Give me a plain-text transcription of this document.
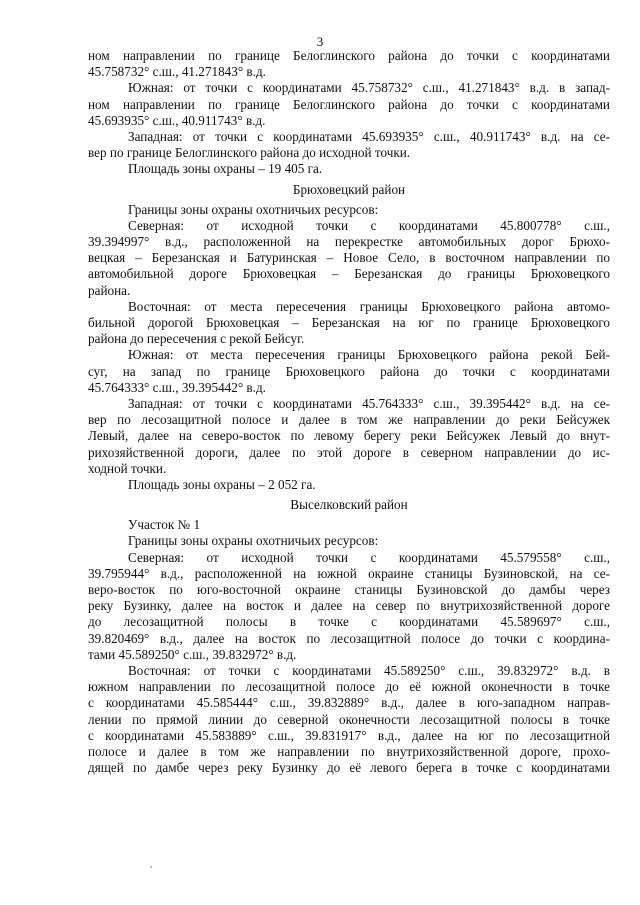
3
ном направлении по границе Белоглинского района до точки с координатами
45.758732° с.ш., 41.271843° в.д.
Южная: от точки с координатами 45.758732° с.ш., 41.271843° в.д. в запад-
ном направлении по границе Белоглинского района до точки с координатами
45.693935° с.ш., 40.911743° в.д.
Западная: от точки с координатами 45.693935° с.ш., 40.911743° в.д. на се-
вер по границе Белоглинского района до исходной точки.
Площадь зоны охраны – 19 405 га.
Брюховецкий район
Границы зоны охраны охотничьих ресурсов:
Северная: от исходной точки с координатами 45.800778° с.ш.,
39.394997° в.д., расположенной на перекрестке автомобильных дорог Брюхо-
вецкая – Березанская и Батуринская – Новое Село, в восточном направлении по
автомобильной дороге Брюховецкая – Березанская до границы Брюховецкого
района.
Восточная: от места пересечения границы Брюховецкого района автомо-
бильной дорогой Брюховецкая – Березанская на юг по границе Брюховецкого
района до пересечения с рекой Бейсуг.
Южная: от места пересечения границы Брюховецкого района рекой Бей-
суг, на запад по границе Брюховецкого района до точки с координатами
45.764333° с.ш., 39.395442° в.д.
Западная: от точки с координатами 45.764333° с.ш., 39.395442° в.д. на се-
вер по лесозащитной полосе и далее в том же направлении до реки Бейсужек
Левый, далее на северо-восток по левому берегу реки Бейсужек Левый до внут-
рихозяйственной дороги, далее по этой дороге в северном направлении до ис-
ходной точки.
Площадь зоны охраны – 2 052 га.
Выселковский район
Участок № 1
Границы зоны охраны охотничьих ресурсов:
Северная: от исходной точки с координатами 45.579558° с.ш.,
39.795944° в.д., расположенной на южной окраине станицы Бузиновской, на се-
веро-восток по юго-восточной окраине станицы Бузиновской до дамбы через
реку Бузинку, далее на восток и далее на север по внутрихозяйственной дороге
до лесозащитной полосы в точке с координатами 45.589697° с.ш.,
39.820469° в.д., далее на восток по лесозащитной полосе до точки с координа-
тами 45.589250° с.ш., 39.832972° в.д.
Восточная: от точки с координатами 45.589250° с.ш., 39.832972° в.д. в
южном направлении по лесозащитной полосе до её южной оконечности в точке
с координатами 45.585444° с.ш., 39.832889° в.д., далее в юго-западном направ-
лении по прямой линии до северной оконечности лесозащитной полосы в точке
с координатами 45.583889° с.ш., 39.831917° в.д., далее на юг по лесозащитной
полосе и далее в том же направлении по внутрихозяйственной дороге, прохо-
дящей по дамбе через реку Бузинку до её левого берега в точке с координатами
